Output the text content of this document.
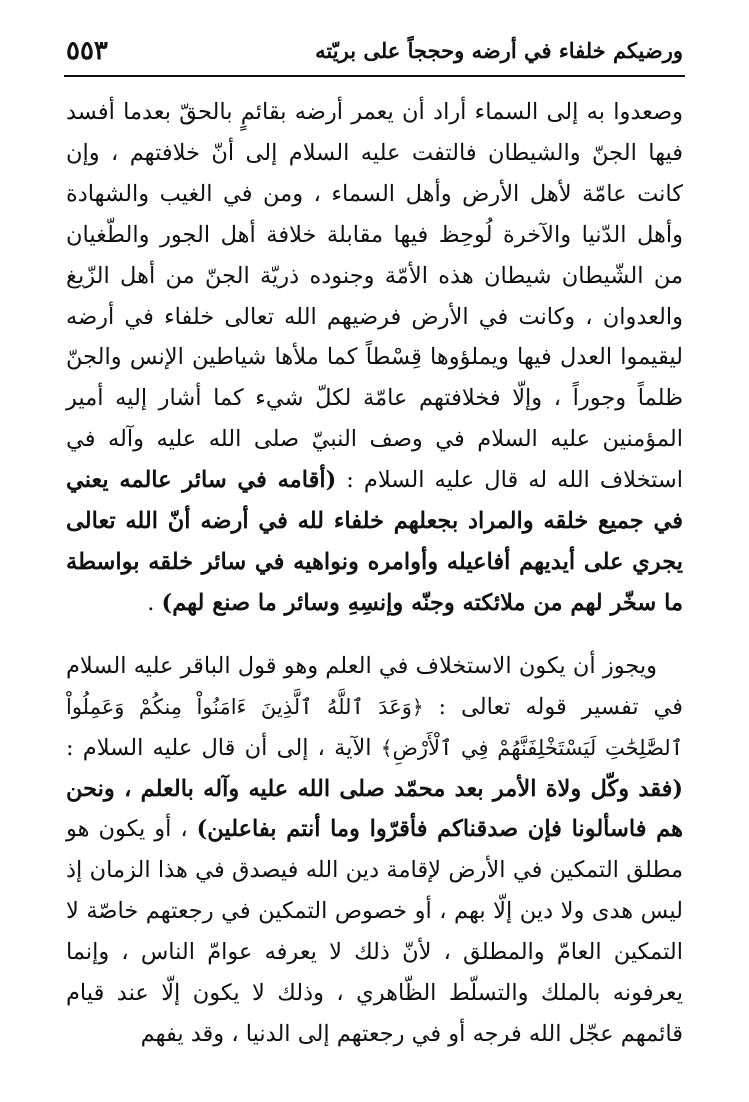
٥٥٣	ورضيكم خلفاء في أرضه وحججاً على بريّته

وصعدوا به إلى السماء أراد أن يعمر أرضه بقائمٍ بالحقّ بعدما أفسد فيها الجنّ والشيطان فالتفت عليه السلام إلى أنّ خلافتهم ، وإن كانت عامّة لأهل الأرض وأهل السماء ، ومن في الغيب والشهادة وأهل الدّنيا والآخرة لُوحِظ فيها مقابلة خلافة أهل الجور والطّغيان من الشّيطان شيطان هذه الأمّة وجنوده ذريّة الجنّ من أهل الزّيغ والعدوان ، وكانت في الأرض فرضيهم الله تعالى خلفاء في أرضه ليقيموا العدل فيها ويملؤوها قِسْطاً كما ملأها شياطين الإنس والجنّ ظلماً وجوراً ، وإلّا فخلافتهم عامّة لكلّ شيء كما أشار إليه أمير المؤمنين عليه السلام في وصف النبيّ صلى الله عليه وآله في استخلاف الله له قال عليه السلام : (أقامه في سائر عالمه يعني في جميع خلقه والمراد بجعلهم خلفاء لله في أرضه أنّ الله تعالى يجري على أيديهم أفاعيله وأوامره ونواهيه في سائر خلقه بواسطة ما سخّر لهم من ملائكته وجنّه وإنسِهِ وسائر ما صنع لهم) .

ويجوز أن يكون الاستخلاف في العلم وهو قول الباقر عليه السلام في تفسير قوله تعالى : ﴿وَعَدَ ٱللَّهُ ٱلَّذِينَ ءَامَنُواْ مِنكُمْ وَعَمِلُواْ ٱلصَّٰلِحَٰتِ لَيَسْتَخْلِفَنَّهُمْ فِي ٱلْأَرْضِ﴾ الآية ، إلى أن قال عليه السلام : (فقد وكّل ولاة الأمر بعد محمّد صلى الله عليه وآله بالعلم ، ونحن هم فاسألونا فإن صدقناكم فأقرّوا وما أنتم بفاعلين) ، أو يكون هو مطلق التمكين في الأرض لإقامة دين الله فيصدق في هذا الزمان إذ ليس هدى ولا دين إلّا بهم ، أو خصوص التمكين في رجعتهم خاصّة لا التمكين العامّ والمطلق ، لأنّ ذلك لا يعرفه عوامّ الناس ، وإنما يعرفونه بالملك والتسلّط الظّاهري ، وذلك لا يكون إلّا عند قيام قائمهم عجّل الله فرجه أو في رجعتهم إلى الدنيا ، وقد يفهم
